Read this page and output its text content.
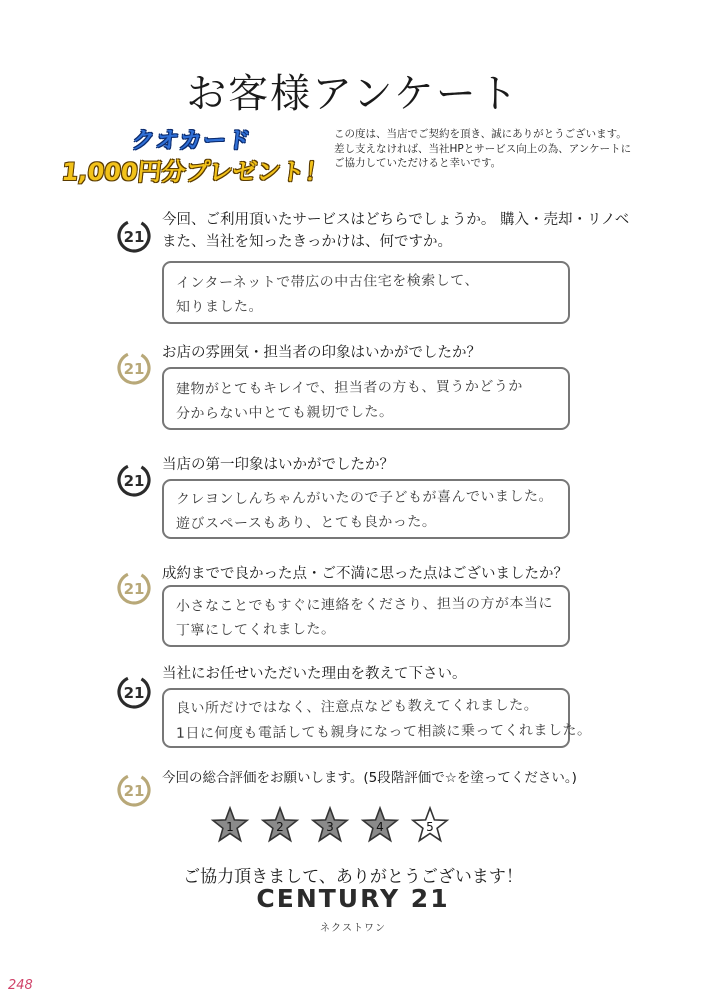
お客様アンケート
クオカード
1,000円分プレゼント！
この度は、当店でご契約を頂き、誠にありがとうございます。
差し支えなければ、当社HPとサービス向上の為、アンケートに
ご協力していただけると幸いです。
21
今回、ご利用頂いたサービスはどちらでしょうか。 購入・売却・リノベ
また、当社を知ったきっかけは、何ですか。
インターネットで帯広の中古住宅を検索して、
知りました。
21
お店の雰囲気・担当者の印象はいかがでしたか？
建物がとてもキレイで、担当者の方も、買うかどうか
分からない中とても親切でした。
21
当店の第一印象はいかがでしたか？
クレヨンしんちゃんがいたので子どもが喜んでいました。
遊びスペースもあり、とても良かった。
21
成約までで良かった点・ご不満に思った点はございましたか？
小さなことでもすぐに連絡をくださり、担当の方が本当に
丁寧にしてくれました。
21
当社にお任せいただいた理由を教えて下さい。
良い所だけではなく、注意点なども教えてくれました。
1日に何度も電話しても親身になって相談に乗ってくれました。
21
今回の総合評価をお願いします。(5段階評価で☆を塗ってください。)
1	2	3	4	5
ご協力頂きまして、ありがとうございます！
CENTURY 21
ネクストワン
248
